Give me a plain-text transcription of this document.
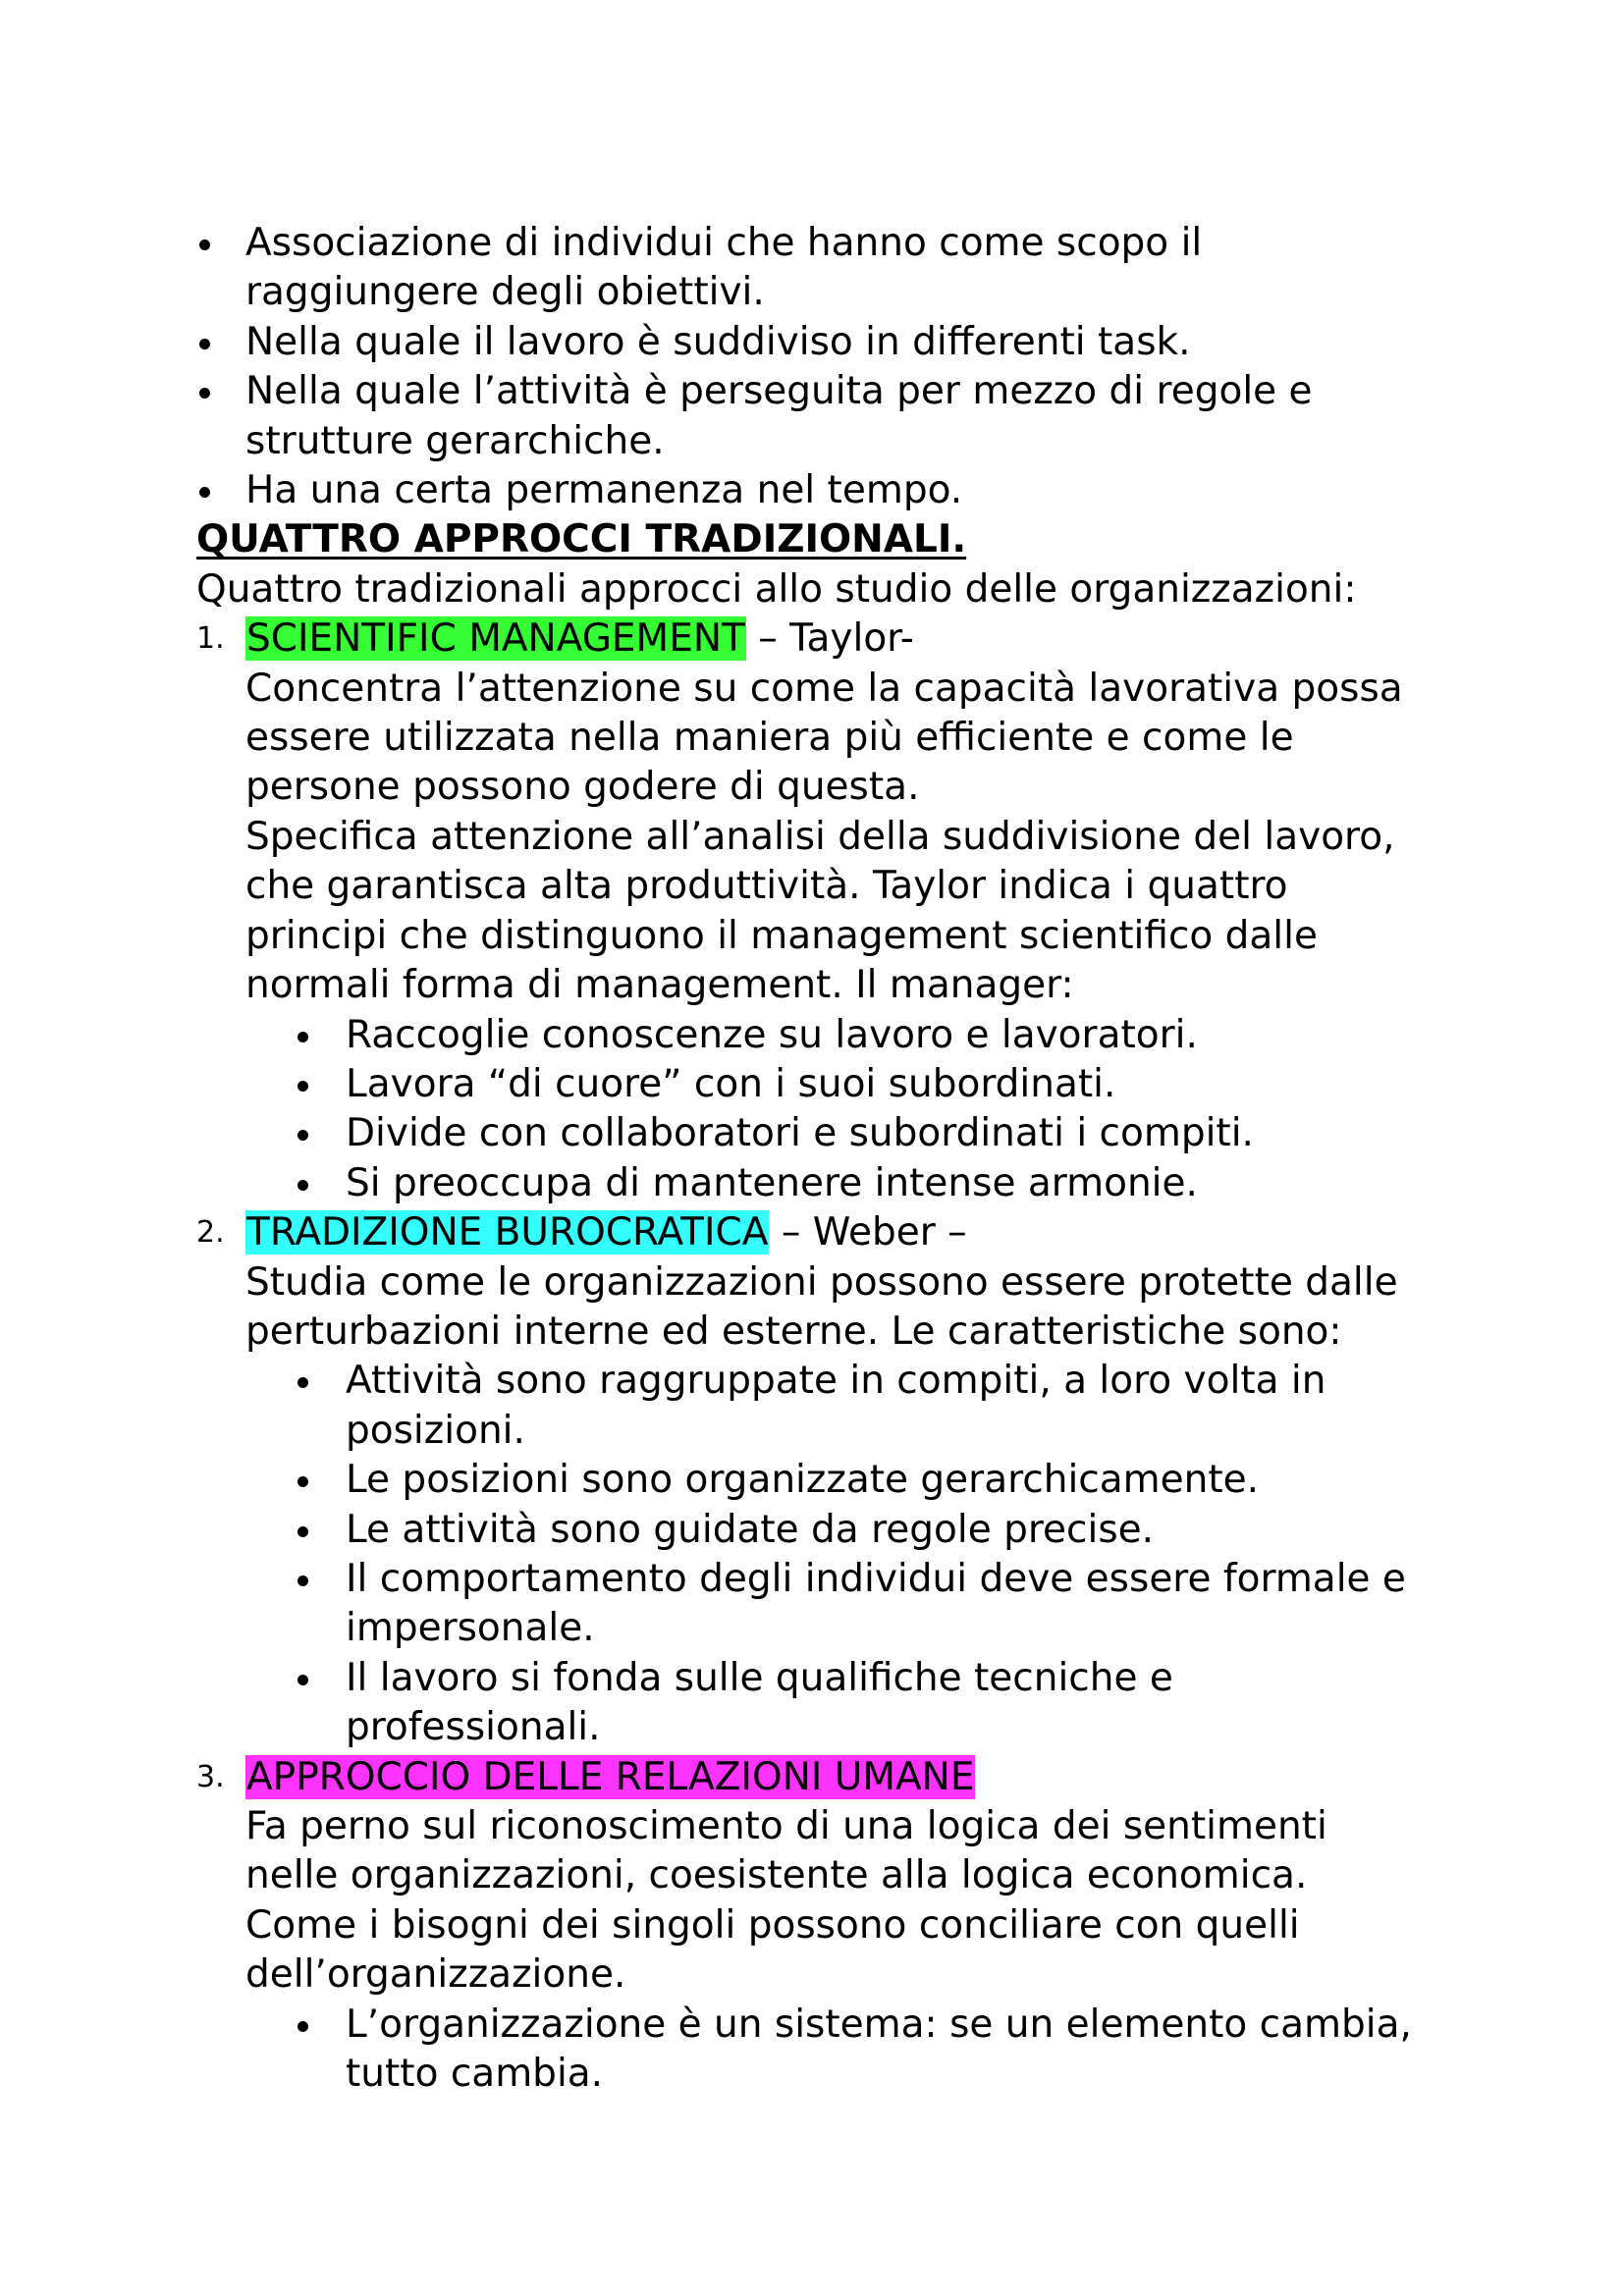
Associazione di individui che hanno come scopo il
raggiungere degli obiettivi.
Nella quale il lavoro è suddiviso in differenti task.
Nella quale l’attività è perseguita per mezzo di regole e
strutture gerarchiche.
Ha una certa permanenza nel tempo.
QUATTRO APPROCCI TRADIZIONALI.
Quattro tradizionali approcci allo studio delle organizzazioni:
1. SCIENTIFIC MANAGEMENT – Taylor-
Concentra l’attenzione su come la capacità lavorativa possa
essere utilizzata nella maniera più efficiente e come le
persone possono godere di questa.
Specifica attenzione all’analisi della suddivisione del lavoro,
che garantisca alta produttività. Taylor indica i quattro
principi che distinguono il management scientifico dalle
normali forma di management. Il manager:
Raccoglie conoscenze su lavoro e lavoratori.
Lavora “di cuore” con i suoi subordinati.
Divide con collaboratori e subordinati i compiti.
Si preoccupa di mantenere intense armonie.
2. TRADIZIONE BUROCRATICA – Weber –
Studia come le organizzazioni possono essere protette dalle
perturbazioni interne ed esterne. Le caratteristiche sono:
Attività sono raggruppate in compiti, a loro volta in
posizioni.
Le posizioni sono organizzate gerarchicamente.
Le attività sono guidate da regole precise.
Il comportamento degli individui deve essere formale e
impersonale.
Il lavoro si fonda sulle qualifiche tecniche e
professionali.
3. APPROCCIO DELLE RELAZIONI UMANE
Fa perno sul riconoscimento di una logica dei sentimenti
nelle organizzazioni, coesistente alla logica economica.
Come i bisogni dei singoli possono conciliare con quelli
dell’organizzazione.
L’organizzazione è un sistema: se un elemento cambia,
tutto cambia.
